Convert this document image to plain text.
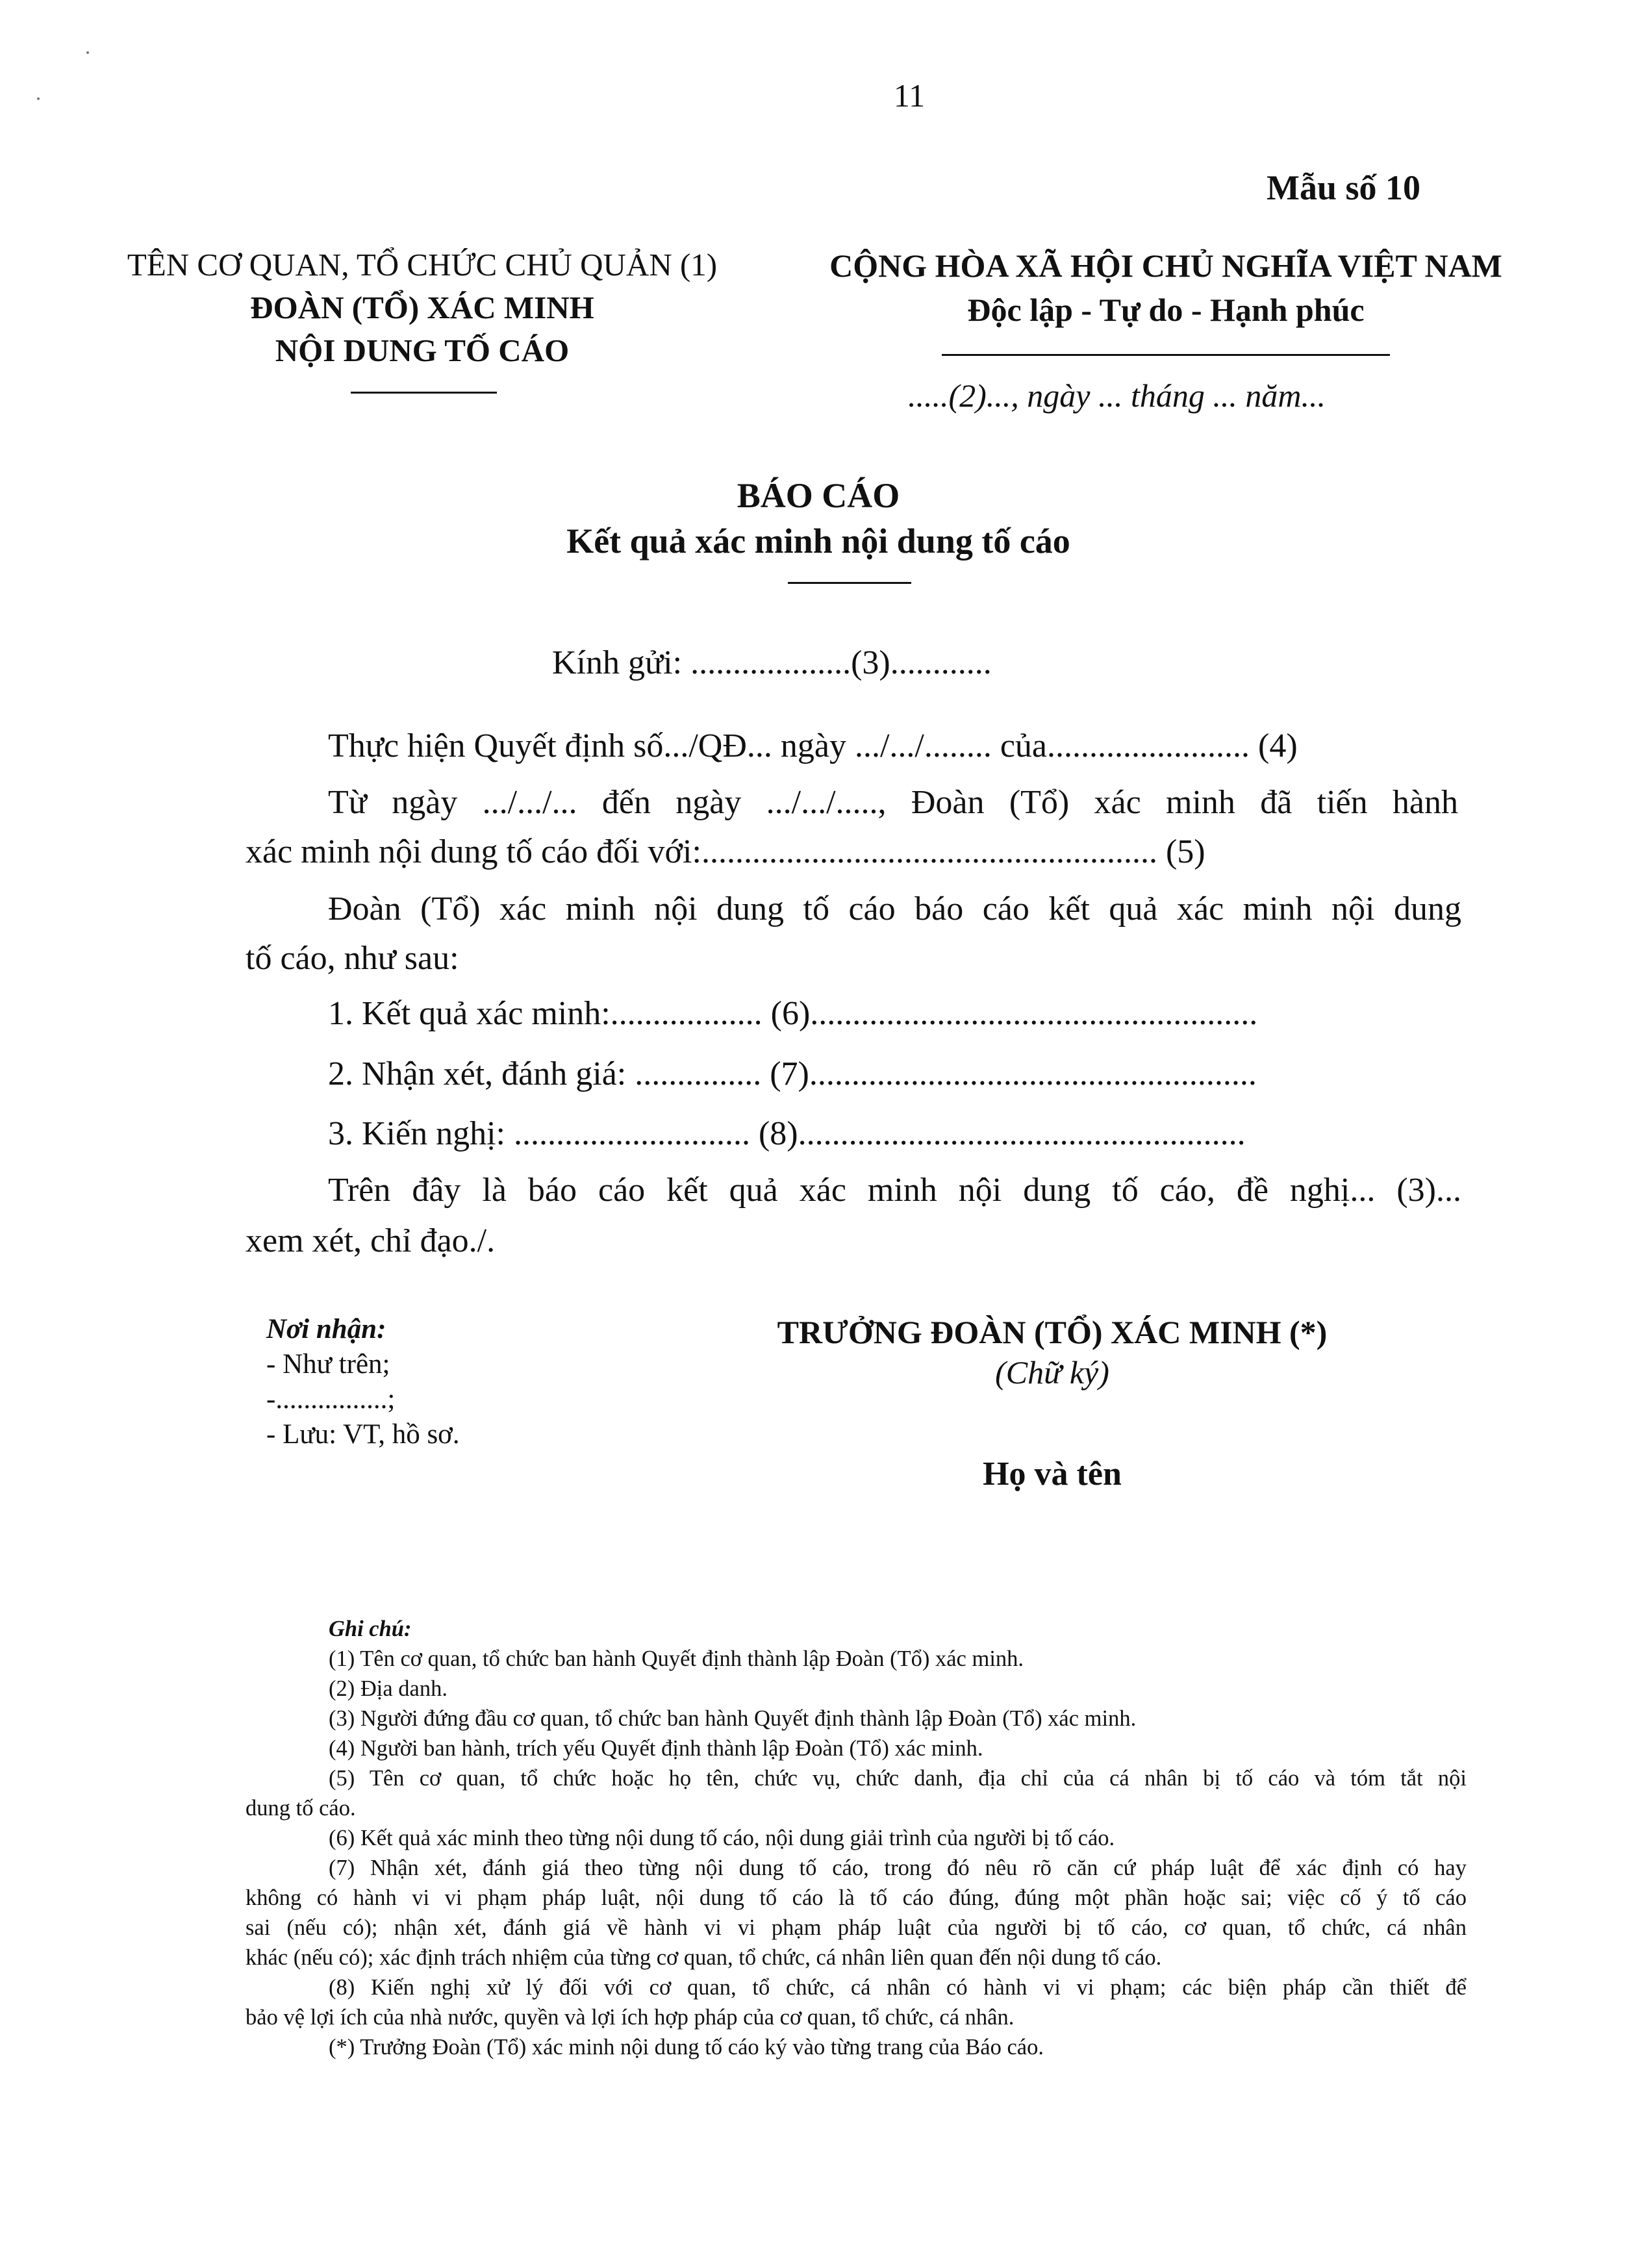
11
Mẫu số 10
TÊN CƠ QUAN, TỔ CHỨC CHỦ QUẢN (1)
ĐOÀN (TỔ) XÁC MINH
NỘI DUNG TỐ CÁO
CỘNG HÒA XÃ HỘI CHỦ NGHĨA VIỆT NAM
Độc lập - Tự do - Hạnh phúc
.....(2)..., ngày ... tháng ... năm...
BÁO CÁO
Kết quả xác minh nội dung tố cáo
Kính gửi: ...................(3)............
Thực hiện Quyết định số.../QĐ... ngày .../.../........ của........................ (4)
Từ ngày .../.../... đến ngày .../.../....., Đoàn (Tổ) xác minh đã tiến hành
xác minh nội dung tố cáo đối với:...................................................... (5)
Đoàn (Tổ) xác minh nội dung tố cáo báo cáo kết quả xác minh nội dung
tố cáo, như sau:
1. Kết quả xác minh:.................. (6).....................................................
2. Nhận xét, đánh giá: ............... (7).....................................................
3. Kiến nghị: ............................ (8).....................................................
Trên đây là báo cáo kết quả xác minh nội dung tố cáo, đề nghị... (3)...
xem xét, chỉ đạo./.
Nơi nhận:
- Như trên;
-................;
- Lưu: VT, hồ sơ.
TRƯỞNG ĐOÀN (TỔ) XÁC MINH (*)
(Chữ ký)
Họ và tên
Ghi chú:
(1) Tên cơ quan, tổ chức ban hành Quyết định thành lập Đoàn (Tổ) xác minh.
(2) Địa danh.
(3) Người đứng đầu cơ quan, tổ chức ban hành Quyết định thành lập Đoàn (Tổ) xác minh.
(4) Người ban hành, trích yếu Quyết định thành lập Đoàn (Tổ) xác minh.
(5) Tên cơ quan, tổ chức hoặc họ tên, chức vụ, chức danh, địa chỉ của cá nhân bị tố cáo và tóm tắt nội
dung tố cáo.
(6) Kết quả xác minh theo từng nội dung tố cáo, nội dung giải trình của người bị tố cáo.
(7) Nhận xét, đánh giá theo từng nội dung tố cáo, trong đó nêu rõ căn cứ pháp luật để xác định có hay
không có hành vi vi phạm pháp luật, nội dung tố cáo là tố cáo đúng, đúng một phần hoặc sai; việc cố ý tố cáo
sai (nếu có); nhận xét, đánh giá về hành vi vi phạm pháp luật của người bị tố cáo, cơ quan, tổ chức, cá nhân
khác (nếu có); xác định trách nhiệm của từng cơ quan, tổ chức, cá nhân liên quan đến nội dung tố cáo.
(8) Kiến nghị xử lý đối với cơ quan, tổ chức, cá nhân có hành vi vi phạm; các biện pháp cần thiết để
bảo vệ lợi ích của nhà nước, quyền và lợi ích hợp pháp của cơ quan, tổ chức, cá nhân.
(*) Trưởng Đoàn (Tổ) xác minh nội dung tố cáo ký vào từng trang của Báo cáo.
